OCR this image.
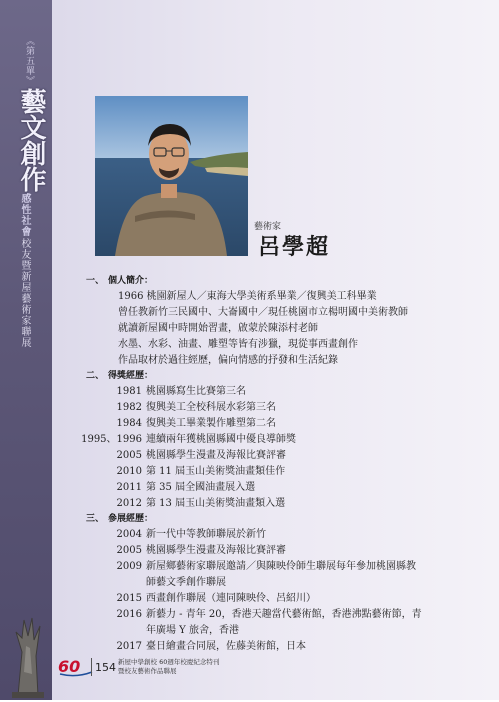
《第五單》
藝文創作
感性社會
校友暨新屋藝術家聯展
藝術家
呂學超
一、 個人簡介：
1966 桃園新屋人／東海大學美術系畢業／復興美工科畢業
曾任教新竹三民國中、大崙國中／現任桃園市立楊明國中美術教師
就讀新屋國中時開始習畫，啟蒙於陳添村老師
水墨、水彩、油畫、雕塑等皆有涉獵，現從事西畫創作
作品取材於過往經歷，偏向情感的抒發和生活紀錄
二、 得獎經歷：
1981 桃園縣寫生比賽第三名
1982 復興美工全校科展水彩第三名
1984 復興美工畢業製作雕塑第二名
1995、1996 連續兩年獲桃園縣國中優良導師獎
2005 桃園縣學生漫畫及海報比賽評審
2010 第 11 屆玉山美術獎油畫類佳作
2011 第 35 屆全國油畫展入選
2012 第 13 屆玉山美術獎油畫類入選
三、 參展經歷：
2004 新一代中等教師聯展於新竹
2005 桃園縣學生漫畫及海報比賽評審
2009 新屋鄉藝術家聯展邀請／與陳映伶師生聯展每年參加桃園縣教
師藝文季創作聯展
2015 西畫創作聯展（連同陳映伶、呂紹川）
2016 新藝力 - 青年 20，香港天趣當代藝術館，香港沸點藝術節，青
年廣場 Y 旅舍，香港
2017 臺日繪畫合同展，佐藤美術館，日本
60 154 新屋中學創校 60週年校慶紀念特刊
暨校友藝術作品聯展
